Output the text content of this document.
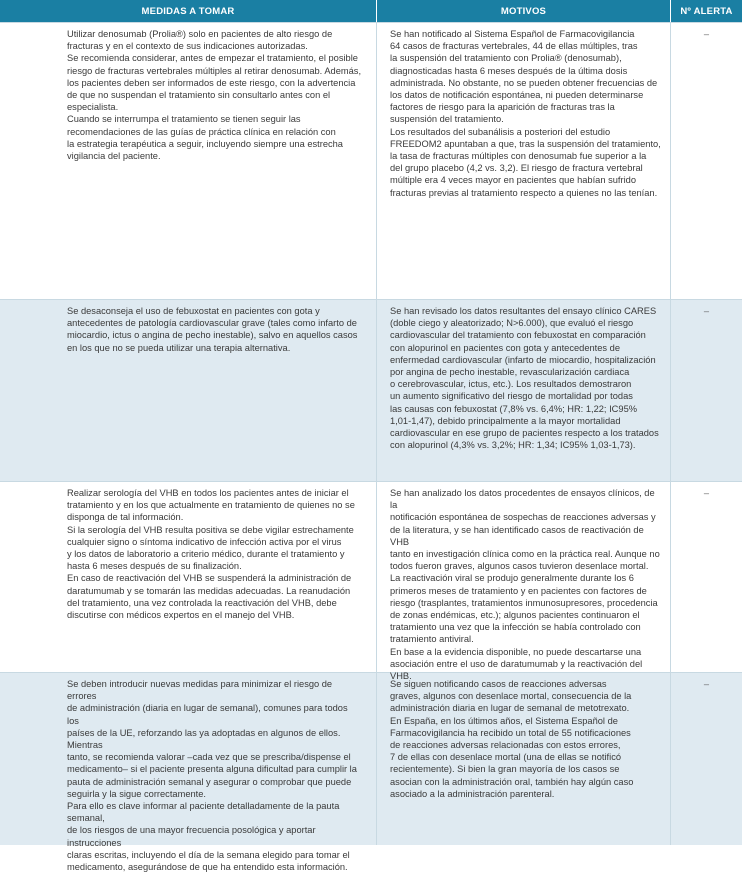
MEDIDAS A TOMAR	MOTIVOS	Nº ALERTA
Utilizar denosumab (Prolia®) solo en pacientes de alto riesgo de
fracturas y en el contexto de sus indicaciones autorizadas.
Se recomienda considerar, antes de empezar el tratamiento, el posible
riesgo de fracturas vertebrales múltiples al retirar denosumab. Además,
los pacientes deben ser informados de este riesgo, con la advertencia
de que no suspendan el tratamiento sin consultarlo antes con el
especialista.
Cuando se interrumpa el tratamiento se tienen seguir las
recomendaciones de las guías de práctica clínica en relación con
la estrategia terapéutica a seguir, incluyendo siempre una estrecha
vigilancia del paciente.
Se han notificado al Sistema Español de Farmacovigilancia
64 casos de fracturas vertebrales, 44 de ellas múltiples, tras
la suspensión del tratamiento con Prolia® (denosumab),
diagnosticadas hasta 6 meses después de la última dosis
administrada. No obstante, no se pueden obtener frecuencias de
los datos de notificación espontánea, ni pueden determinarse
factores de riesgo para la aparición de fracturas tras la
suspensión del tratamiento.
Los resultados del subanálisis a posteriori del estudio
FREEDOM2 apuntaban a que, tras la suspensión del tratamiento,
la tasa de fracturas múltiples con denosumab fue superior a la
del grupo placebo (4,2 vs. 3,2). El riesgo de fractura vertebral
múltiple era 4 veces mayor en pacientes que habían sufrido
fracturas previas al tratamiento respecto a quienes no las tenían.
–
Se desaconseja el uso de febuxostat en pacientes con gota y
antecedentes de patología cardiovascular grave (tales como infarto de
miocardio, ictus o angina de pecho inestable), salvo en aquellos casos
en los que no se pueda utilizar una terapia alternativa.
Se han revisado los datos resultantes del ensayo clínico CARES
(doble ciego y aleatorizado; N>6.000), que evaluó el riesgo
cardiovascular del tratamiento con febuxostat en comparación
con alopurinol en pacientes con gota y antecedentes de
enfermedad cardiovascular (infarto de miocardio, hospitalización
por angina de pecho inestable, revascularización cardiaca
o cerebrovascular, ictus, etc.). Los resultados demostraron
un aumento significativo del riesgo de mortalidad por todas
las causas con febuxostat (7,8% vs. 6,4%; HR: 1,22; IC95%
1,01-1,47), debido principalmente a la mayor mortalidad
cardiovascular en ese grupo de pacientes respecto a los tratados
con alopurinol (4,3% vs. 3,2%; HR: 1,34; IC95% 1,03-1,73).
–
Realizar serología del VHB en todos los pacientes antes de iniciar el
tratamiento y en los que actualmente en tratamiento de quienes no se
disponga de tal información.
Si la serología del VHB resulta positiva se debe vigilar estrechamente
cualquier signo o síntoma indicativo de infección activa por el virus
y los datos de laboratorio a criterio médico, durante el tratamiento y
hasta 6 meses después de su finalización.
En caso de reactivación del VHB se suspenderá la administración de
daratumumab y se tomarán las medidas adecuadas. La reanudación
del tratamiento, una vez controlada la reactivación del VHB, debe
discutirse con médicos expertos en el manejo del VHB.
Se han analizado los datos procedentes de ensayos clínicos, de la
notificación espontánea de sospechas de reacciones adversas y
de la literatura, y se han identificado casos de reactivación de VHB
tanto en investigación clínica como en la práctica real. Aunque no
todos fueron graves, algunos casos tuvieron desenlace mortal.
La reactivación viral se produjo generalmente durante los 6
primeros meses de tratamiento y en pacientes con factores de
riesgo (trasplantes, tratamientos inmunosupresores, procedencia
de zonas endémicas, etc.); algunos pacientes continuaron el
tratamiento una vez que la infección se había controlado con
tratamiento antiviral.
En base a la evidencia disponible, no puede descartarse una
asociación entre el uso de daratumumab y la reactivación del VHB.
–
Se deben introducir nuevas medidas para minimizar el riesgo de errores
de administración (diaria en lugar de semanal), comunes para todos los
países de la UE, reforzando las ya adoptadas en algunos de ellos. Mientras
tanto, se recomienda valorar –cada vez que se prescriba/dispense el
medicamento– si el paciente presenta alguna dificultad para cumplir la
pauta de administración semanal y asegurar o comprobar que puede
seguirla y la sigue correctamente.
Para ello es clave informar al paciente detalladamente de la pauta semanal,
de los riesgos de una mayor frecuencia posológica y aportar instrucciones
claras escritas, incluyendo el día de la semana elegido para tomar el
medicamento, asegurándose de que ha entendido esta información.
Se siguen notificando casos de reacciones adversas
graves, algunos con desenlace mortal, consecuencia de la
administración diaria en lugar de semanal de metotrexato.
En España, en los últimos años, el Sistema Español de
Farmacovigilancia ha recibido un total de 55 notificaciones
de reacciones adversas relacionadas con estos errores,
7 de ellas con desenlace mortal (una de ellas se notificó
recientemente). Si bien la gran mayoría de los casos se
asocian con la administración oral, también hay algún caso
asociado a la administración parenteral.
–
